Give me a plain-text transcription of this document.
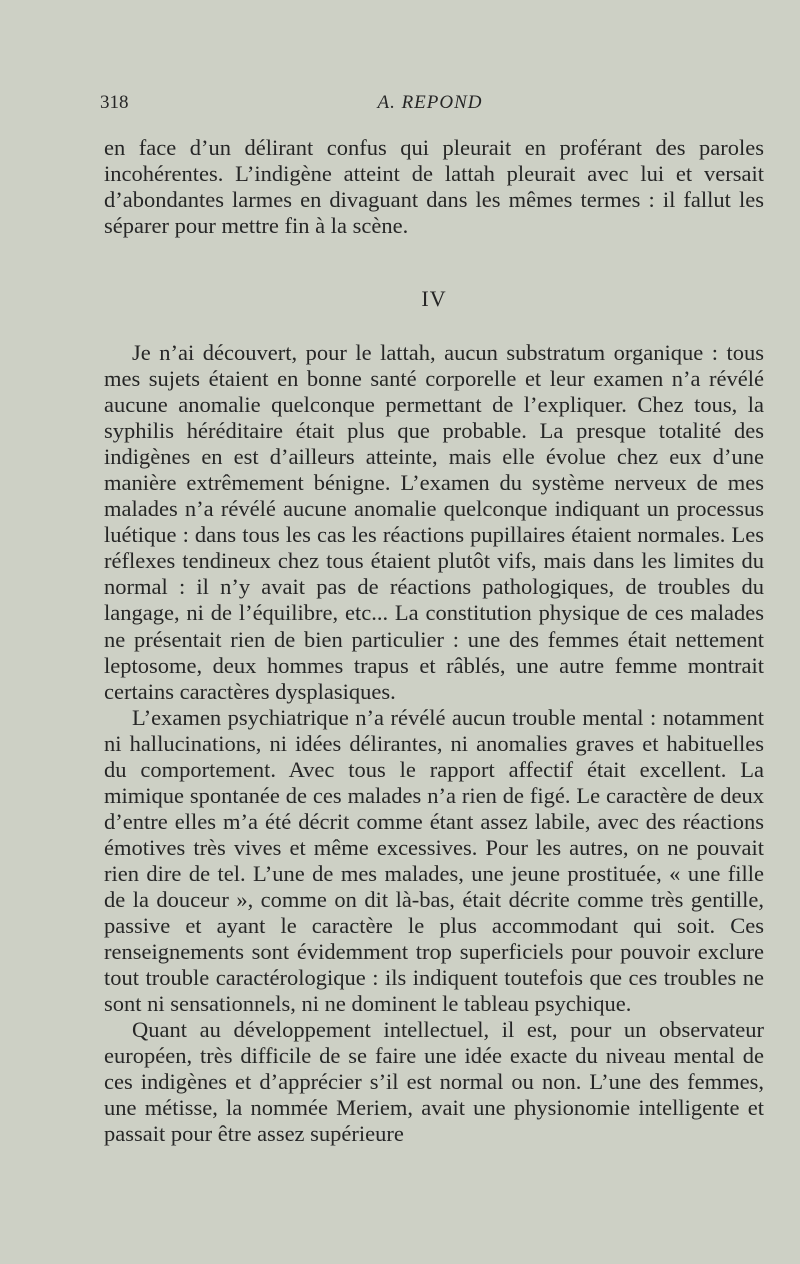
318	A. REPOND

en face d’un délirant confus qui pleurait en proférant des paroles incohérentes. L’indigène atteint de lattah pleurait avec lui et versait d’abondantes larmes en divaguant dans les mêmes termes : il fallut les séparer pour mettre fin à la scène.

IV

Je n’ai découvert, pour le lattah, aucun substratum organique : tous mes sujets étaient en bonne santé corporelle et leur examen n’a révélé aucune anomalie quelconque permettant de l’expliquer. Chez tous, la syphilis héréditaire était plus que probable. La presque totalité des indigènes en est d’ailleurs atteinte, mais elle évolue chez eux d’une manière extrêmement bénigne. L’examen du système nerveux de mes malades n’a révélé aucune anomalie quelconque indiquant un processus luétique : dans tous les cas les réactions pupillaires étaient normales. Les réflexes tendineux chez tous étaient plutôt vifs, mais dans les limites du normal : il n’y avait pas de réactions pathologiques, de troubles du langage, ni de l’équilibre, etc... La constitution physique de ces malades ne présentait rien de bien particulier : une des femmes était nettement leptosome, deux hommes trapus et râblés, une autre femme montrait certains caractères dysplasiques.

L’examen psychiatrique n’a révélé aucun trouble mental : notamment ni hallucinations, ni idées délirantes, ni anomalies graves et habituelles du comportement. Avec tous le rapport affectif était excellent. La mimique spontanée de ces malades n’a rien de figé. Le caractère de deux d’entre elles m’a été décrit comme étant assez labile, avec des réactions émotives très vives et même excessives. Pour les autres, on ne pouvait rien dire de tel. L’une de mes malades, une jeune prostituée, « une fille de la douceur », comme on dit là-bas, était décrite comme très gentille, passive et ayant le caractère le plus accommodant qui soit. Ces renseignements sont évidemment trop superficiels pour pouvoir exclure tout trouble caractérologique : ils indiquent toutefois que ces troubles ne sont ni sensationnels, ni ne dominent le tableau psychique.

Quant au développement intellectuel, il est, pour un observateur européen, très difficile de se faire une idée exacte du niveau mental de ces indigènes et d’apprécier s’il est normal ou non. L’une des femmes, une métisse, la nommée Meriem, avait une physionomie intelligente et passait pour être assez supérieure
